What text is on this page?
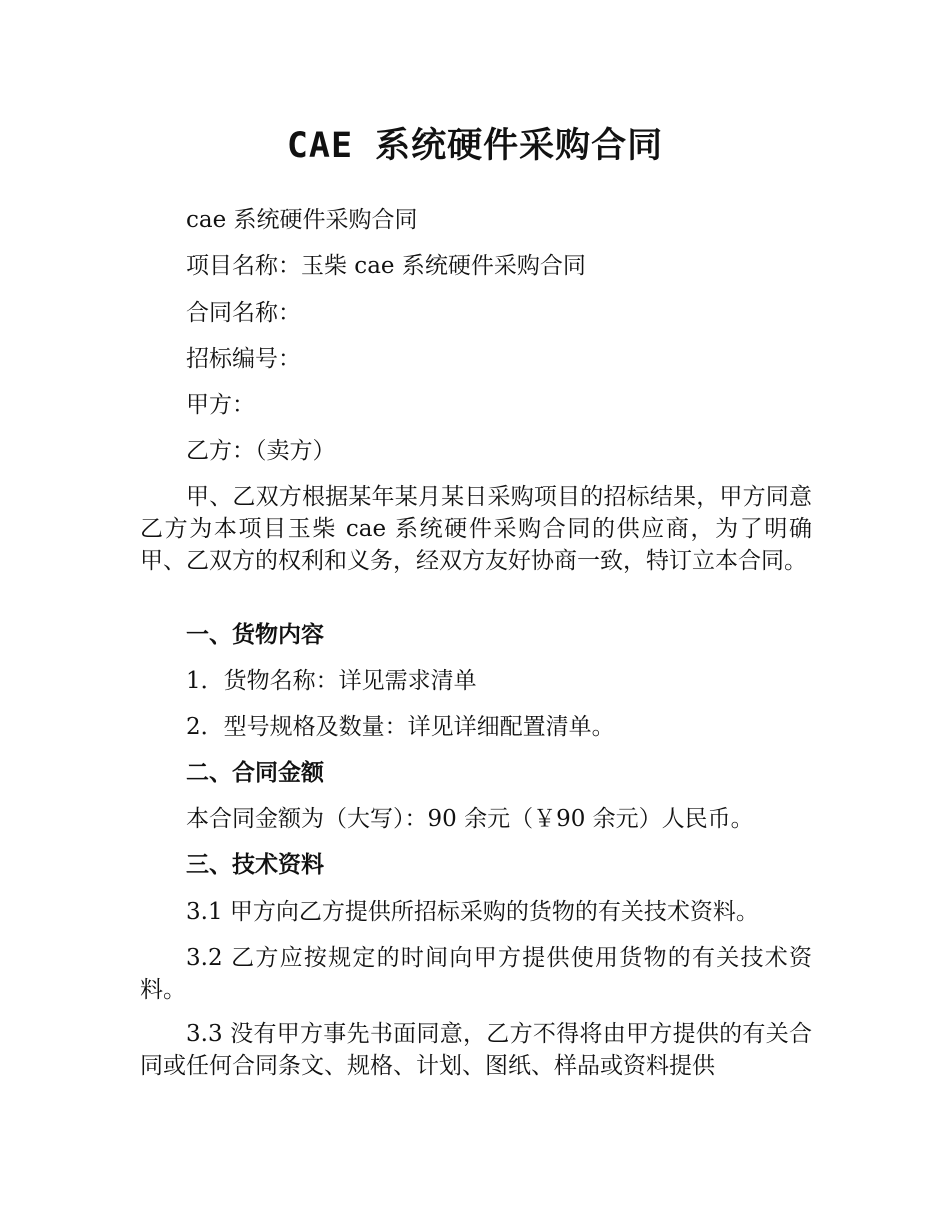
CAE 系统硬件采购合同

cae 系统硬件采购合同

项目名称：玉柴 cae 系统硬件采购合同

合同名称：

招标编号：

甲方：

乙方：（卖方）

甲、乙双方根据某年某月某日采购项目的招标结果，甲方同意乙方为本项目玉柴 cae 系统硬件采购合同的供应商，为了明确甲、乙双方的权利和义务，经双方友好协商一致，特订立本合同。

一、货物内容

1．货物名称：详见需求清单

2．型号规格及数量：详见详细配置清单。

二、合同金额

本合同金额为（大写）：90 余元（￥90 余元）人民币。

三、技术资料

3.1 甲方向乙方提供所招标采购的货物的有关技术资料。

3.2 乙方应按规定的时间向甲方提供使用货物的有关技术资料。

3.3 没有甲方事先书面同意，乙方不得将由甲方提供的有关合同或任何合同条文、规格、计划、图纸、样品或资料提供
